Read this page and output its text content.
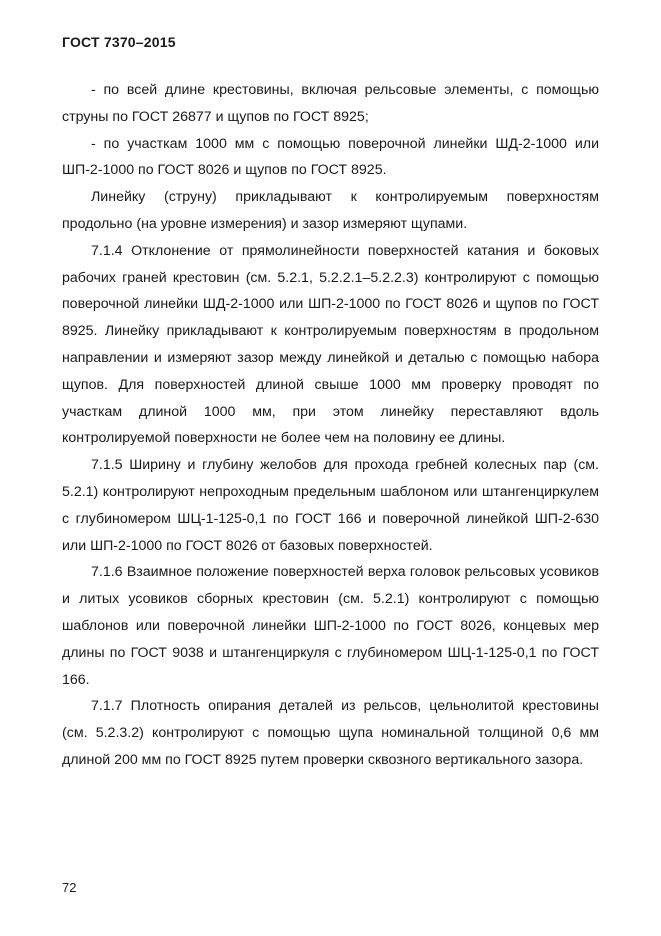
ГОСТ 7370–2015

- по всей длине крестовины, включая рельсовые элементы, с помощью струны по ГОСТ 26877 и щупов по ГОСТ 8925;

- по участкам 1000 мм с помощью поверочной линейки ШД-2-1000 или ШП-2-1000 по ГОСТ 8026 и щупов по ГОСТ 8925.

Линейку (струну) прикладывают к контролируемым поверхностям продольно (на уровне измерения) и зазор измеряют щупами.

7.1.4 Отклонение от прямолинейности поверхностей катания и боковых рабочих граней крестовин (см. 5.2.1, 5.2.2.1–5.2.2.3) контролируют с помощью поверочной линейки ШД-2-1000 или ШП-2-1000 по ГОСТ 8026 и щупов по ГОСТ 8925. Линейку прикладывают к контролируемым поверхностям в продольном направлении и измеряют зазор между линейкой и деталью с помощью набора щупов. Для поверхностей длиной свыше 1000 мм проверку проводят по участкам длиной 1000 мм, при этом линейку переставляют вдоль контролируемой поверхности не более чем на половину ее длины.

7.1.5 Ширину и глубину желобов для прохода гребней колесных пар (см. 5.2.1) контролируют непроходным предельным шаблоном или штангенциркулем с глубиномером ШЦ-1-125-0,1 по ГОСТ 166 и поверочной линейкой ШП-2-630 или ШП-2-1000 по ГОСТ 8026 от базовых поверхностей.

7.1.6 Взаимное положение поверхностей верха головок рельсовых усовиков и литых усовиков сборных крестовин (см. 5.2.1) контролируют с помощью шаблонов или поверочной линейки ШП-2-1000 по ГОСТ 8026, концевых мер длины по ГОСТ 9038 и штангенциркуля с глубиномером ШЦ-1-125-0,1 по ГОСТ 166.

7.1.7 Плотность опирания деталей из рельсов, цельнолитой крестовины (см. 5.2.3.2) контролируют с помощью щупа номинальной толщиной 0,6 мм длиной 200 мм по ГОСТ 8925 путем проверки сквозного вертикального зазора.

72
